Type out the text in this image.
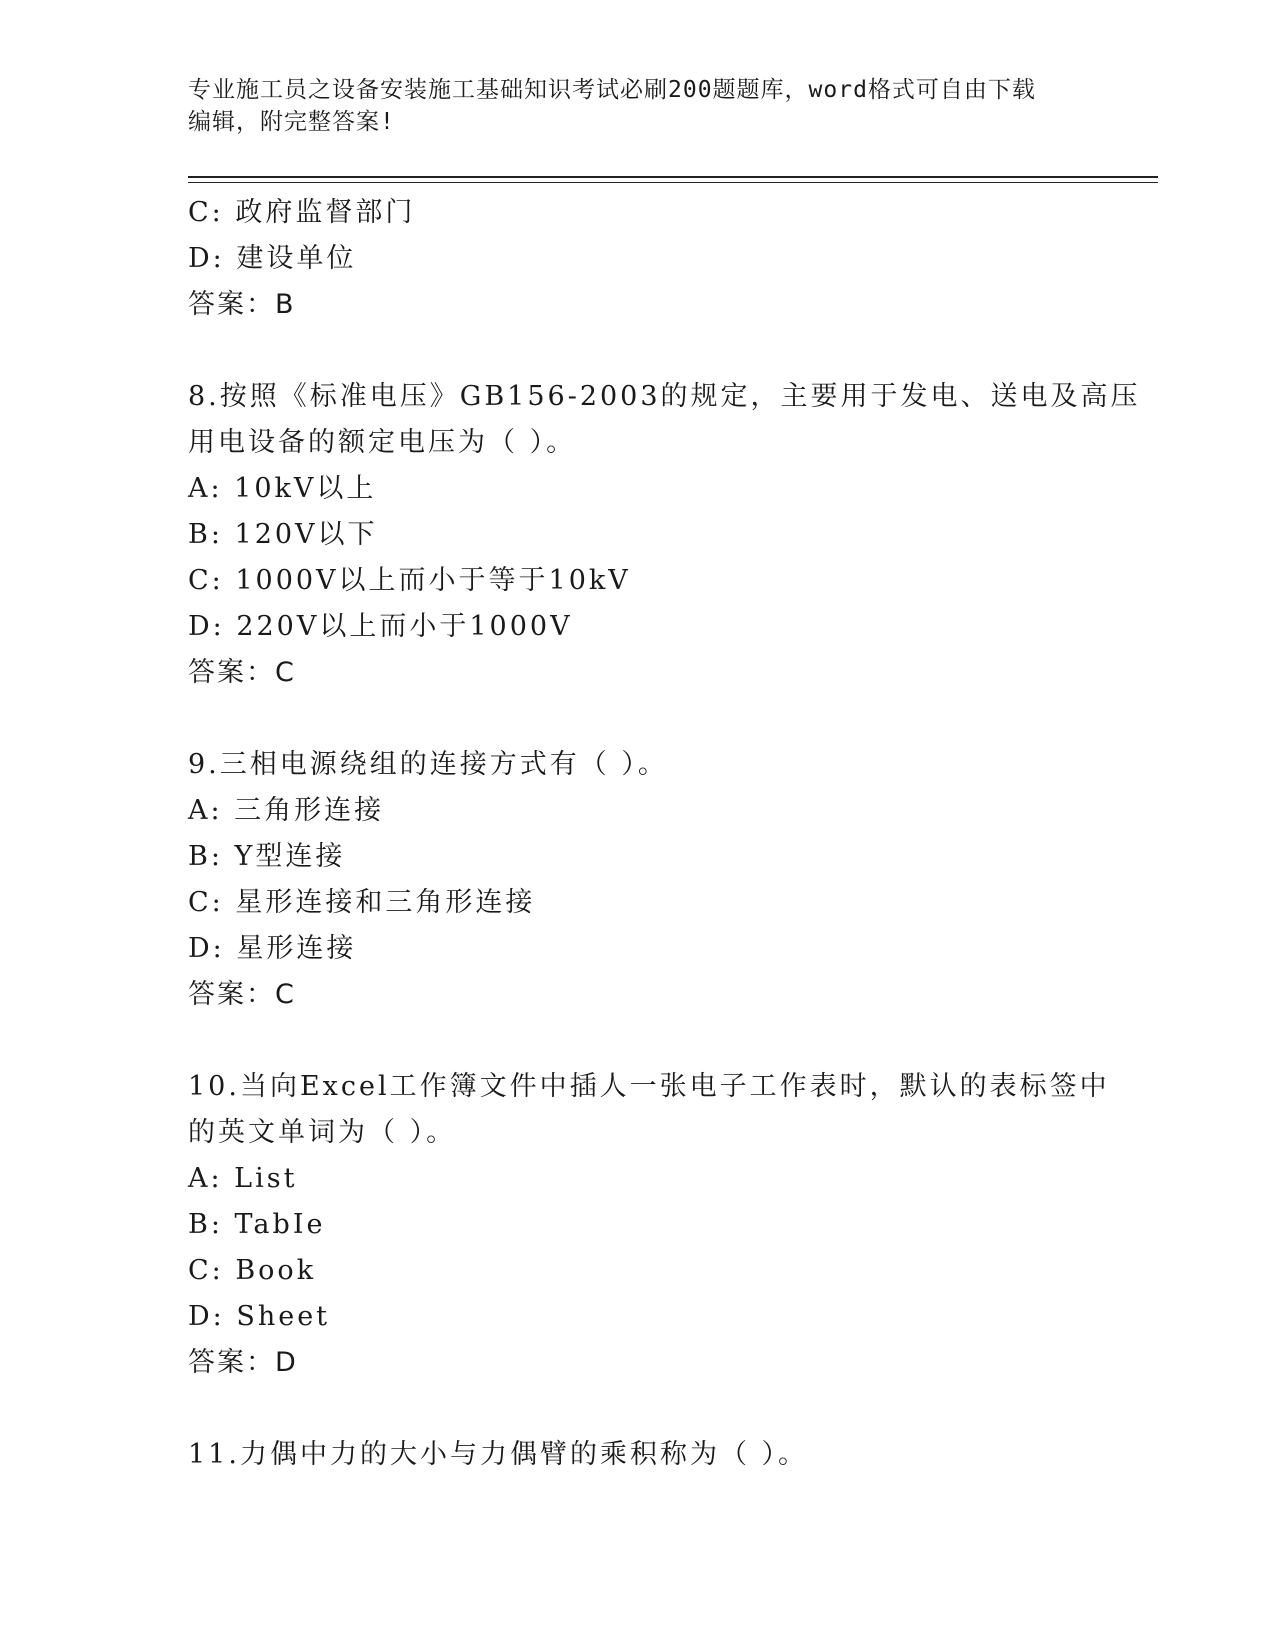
专业施工员之设备安装施工基础知识考试必刷200题题库，word格式可自由下载
编辑，附完整答案!
C: 政府监督部门
D: 建设单位
答案：B
8.按照《标准电压》GB156-2003的规定，主要用于发电、送电及高压
用电设备的额定电压为（ ）。
A: 10kV以上
B: 120V以下
C: 1000V以上而小于等于10kV
D: 220V以上而小于1000V
答案：C
9.三相电源绕组的连接方式有（ ）。
A: 三角形连接
B: Y型连接
C: 星形连接和三角形连接
D: 星形连接
答案：C
10.当向Excel工作簿文件中插人一张电子工作表时，默认的表标签中
的英文单词为（ ）。
A: List
B: TabIe
C: Book
D: Sheet
答案：D
11.力偶中力的大小与力偶臂的乘积称为（ ）。
